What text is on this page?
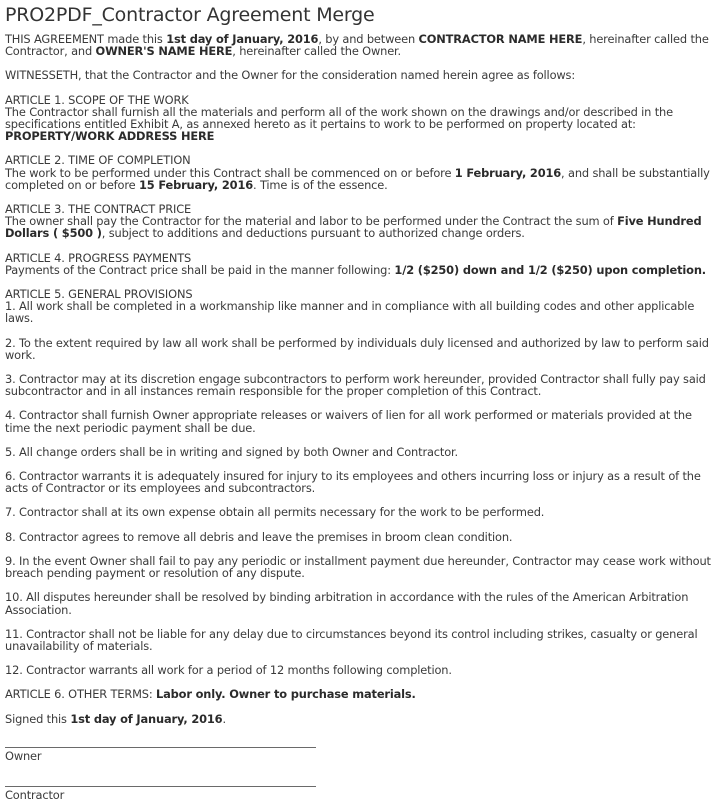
PRO2PDF_Contractor Agreement Merge

THIS AGREEMENT made this 1st day of January, 2016, by and between CONTRACTOR NAME HERE, hereinafter called the Contractor, and OWNER'S NAME HERE, hereinafter called the Owner.

WITNESSETH, that the Contractor and the Owner for the consideration named herein agree as follows:

ARTICLE 1. SCOPE OF THE WORK
The Contractor shall furnish all the materials and perform all of the work shown on the drawings and/or described in the specifications entitled Exhibit A, as annexed hereto as it pertains to work to be performed on property located at:
PROPERTY/WORK ADDRESS HERE
ARTICLE 2. TIME OF COMPLETION
The work to be performed under this Contract shall be commenced on or before 1 February, 2016, and shall be substantially completed on or before 15 February, 2016. Time is of the essence.
ARTICLE 3. THE CONTRACT PRICE
The owner shall pay the Contractor for the material and labor to be performed under the Contract the sum of Five Hundred Dollars ( $500 ), subject to additions and deductions pursuant to authorized change orders.
ARTICLE 4. PROGRESS PAYMENTS
Payments of the Contract price shall be paid in the manner following: 1/2 ($250) down and 1/2 ($250) upon completion.
ARTICLE 5. GENERAL PROVISIONS
1. All work shall be completed in a workmanship like manner and in compliance with all building codes and other applicable laws.
2. To the extent required by law all work shall be performed by individuals duly licensed and authorized by law to perform said work.
3. Contractor may at its discretion engage subcontractors to perform work hereunder, provided Contractor shall fully pay said subcontractor and in all instances remain responsible for the proper completion of this Contract.
4. Contractor shall furnish Owner appropriate releases or waivers of lien for all work performed or materials provided at the time the next periodic payment shall be due.
5. All change orders shall be in writing and signed by both Owner and Contractor.
6. Contractor warrants it is adequately insured for injury to its employees and others incurring loss or injury as a result of the acts of Contractor or its employees and subcontractors.
7. Contractor shall at its own expense obtain all permits necessary for the work to be performed.
8. Contractor agrees to remove all debris and leave the premises in broom clean condition.
9. In the event Owner shall fail to pay any periodic or installment payment due hereunder, Contractor may cease work without breach pending payment or resolution of any dispute.
10. All disputes hereunder shall be resolved by binding arbitration in accordance with the rules of the American Arbitration Association.
11. Contractor shall not be liable for any delay due to circumstances beyond its control including strikes, casualty or general unavailability of materials.
12. Contractor warrants all work for a period of 12 months following completion.

ARTICLE 6. OTHER TERMS: Labor only. Owner to purchase materials.

Signed this 1st day of January, 2016.

Owner
Contractor
